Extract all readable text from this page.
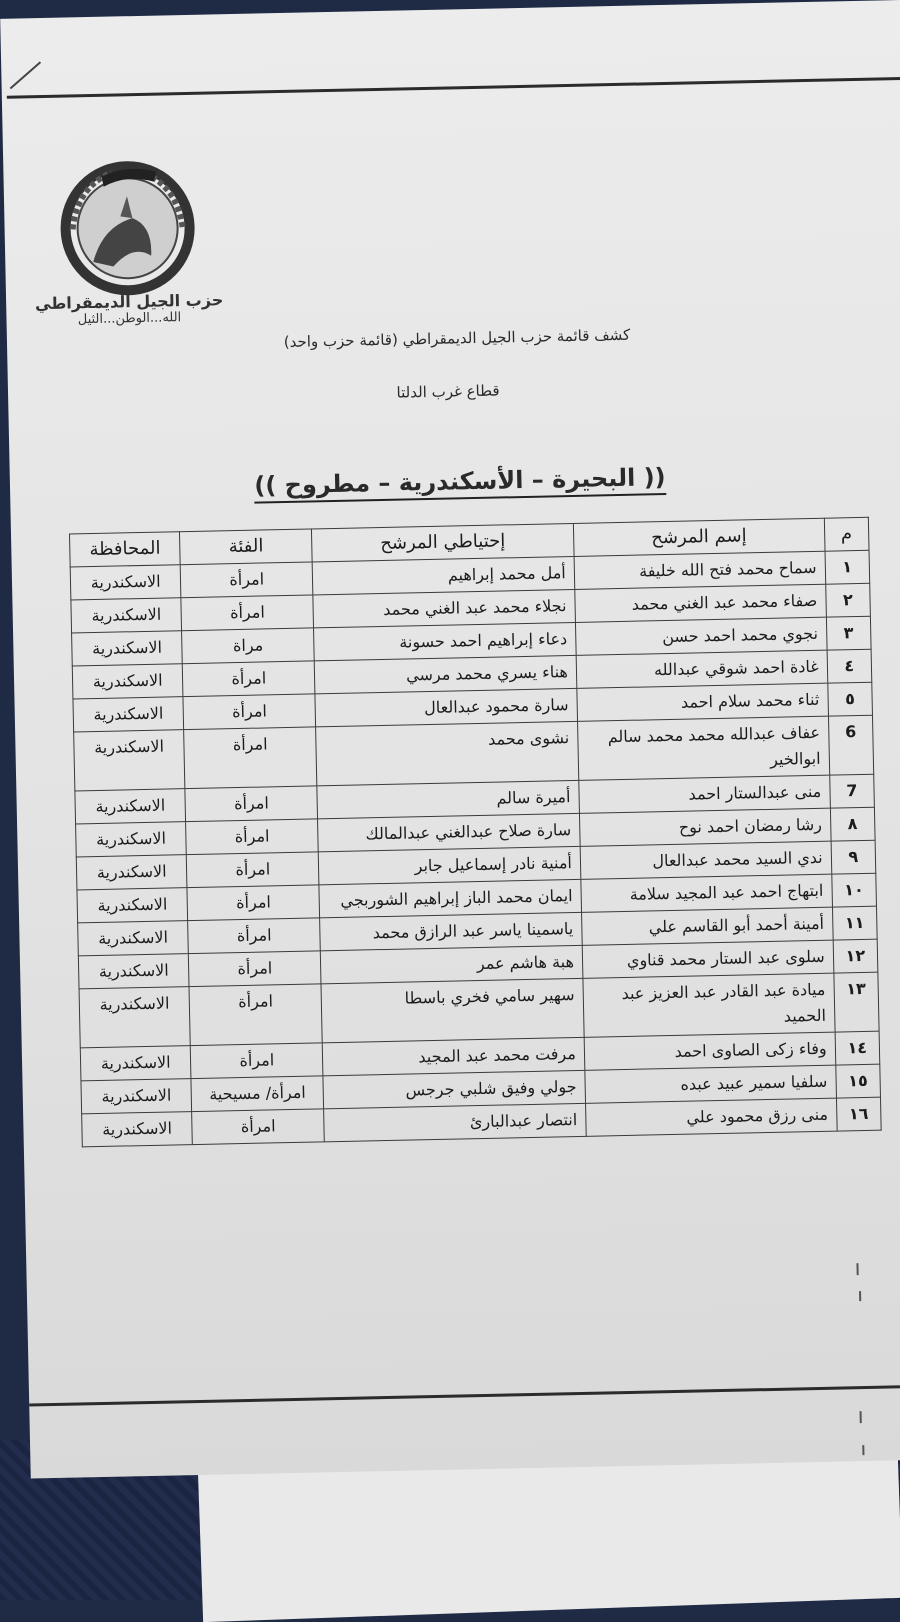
حزب الجيل الديمقراطي
الله...الوطن...الثيل
كشف قائمة حزب الجيل الديمقراطي (قائمة حزب واحد)
قطاع غرب الدلتا
(( البحيرة – الأسكندرية – مطروح ))
م	إسم المرشح	إحتياطي المرشح	الفئة	المحافظة
١	سماح محمد فتح الله خليفة	أمل محمد إبراهيم	امرأة	الاسكندرية
٢	صفاء محمد عبد الغني محمد	نجلاء محمد عبد الغني محمد	امرأة	الاسكندرية
٣	نجوي محمد احمد حسن	دعاء إبراهيم احمد حسونة	مراة	الاسكندرية
٤	غادة احمد شوقي عبدالله	هناء يسري محمد مرسي	امرأة	الاسكندرية
٥	ثناء محمد سلام احمد	سارة محمود عبدالعال	امرأة	الاسكندرية
6	عفاف عبدالله محمد محمد سالم ابوالخير	نشوى محمد	امرأة	الاسكندرية
7	منى عبدالستار احمد	أميرة سالم	امرأة	الاسكندرية
٨	رشا رمضان احمد نوح	سارة صلاح عبدالغني عبدالمالك	امرأة	الاسكندرية
٩	ندي السيد محمد عبدالعال	أمنية نادر إسماعيل جابر	امرأة	الاسكندرية
١٠	ابتهاج احمد عبد المجيد سلامة	ايمان محمد الباز إبراهيم الشوربجي	امرأة	الاسكندرية
١١	أمينة أحمد أبو القاسم علي	ياسمينا ياسر عبد الرازق محمد	امرأة	الاسكندرية
١٢	سلوى عبد الستار محمد قناوي	هبة هاشم عمر	امرأة	الاسكندرية
١٣	ميادة عبد القادر عبد العزيز عبد الحميد	سهير سامي فخري باسطا	امرأة	الاسكندرية
١٤	وفاء زكى الصاوى احمد	مرفت محمد عبد المجيد	امرأة	الاسكندرية
١٥	سلفيا سمير عبيد عبده	جولي وفيق شلبي جرجس	امرأة/ مسيحية	الاسكندرية
١٦	منى رزق محمود علي	انتصار عبدالبارئ	امرأة	الاسكندرية
